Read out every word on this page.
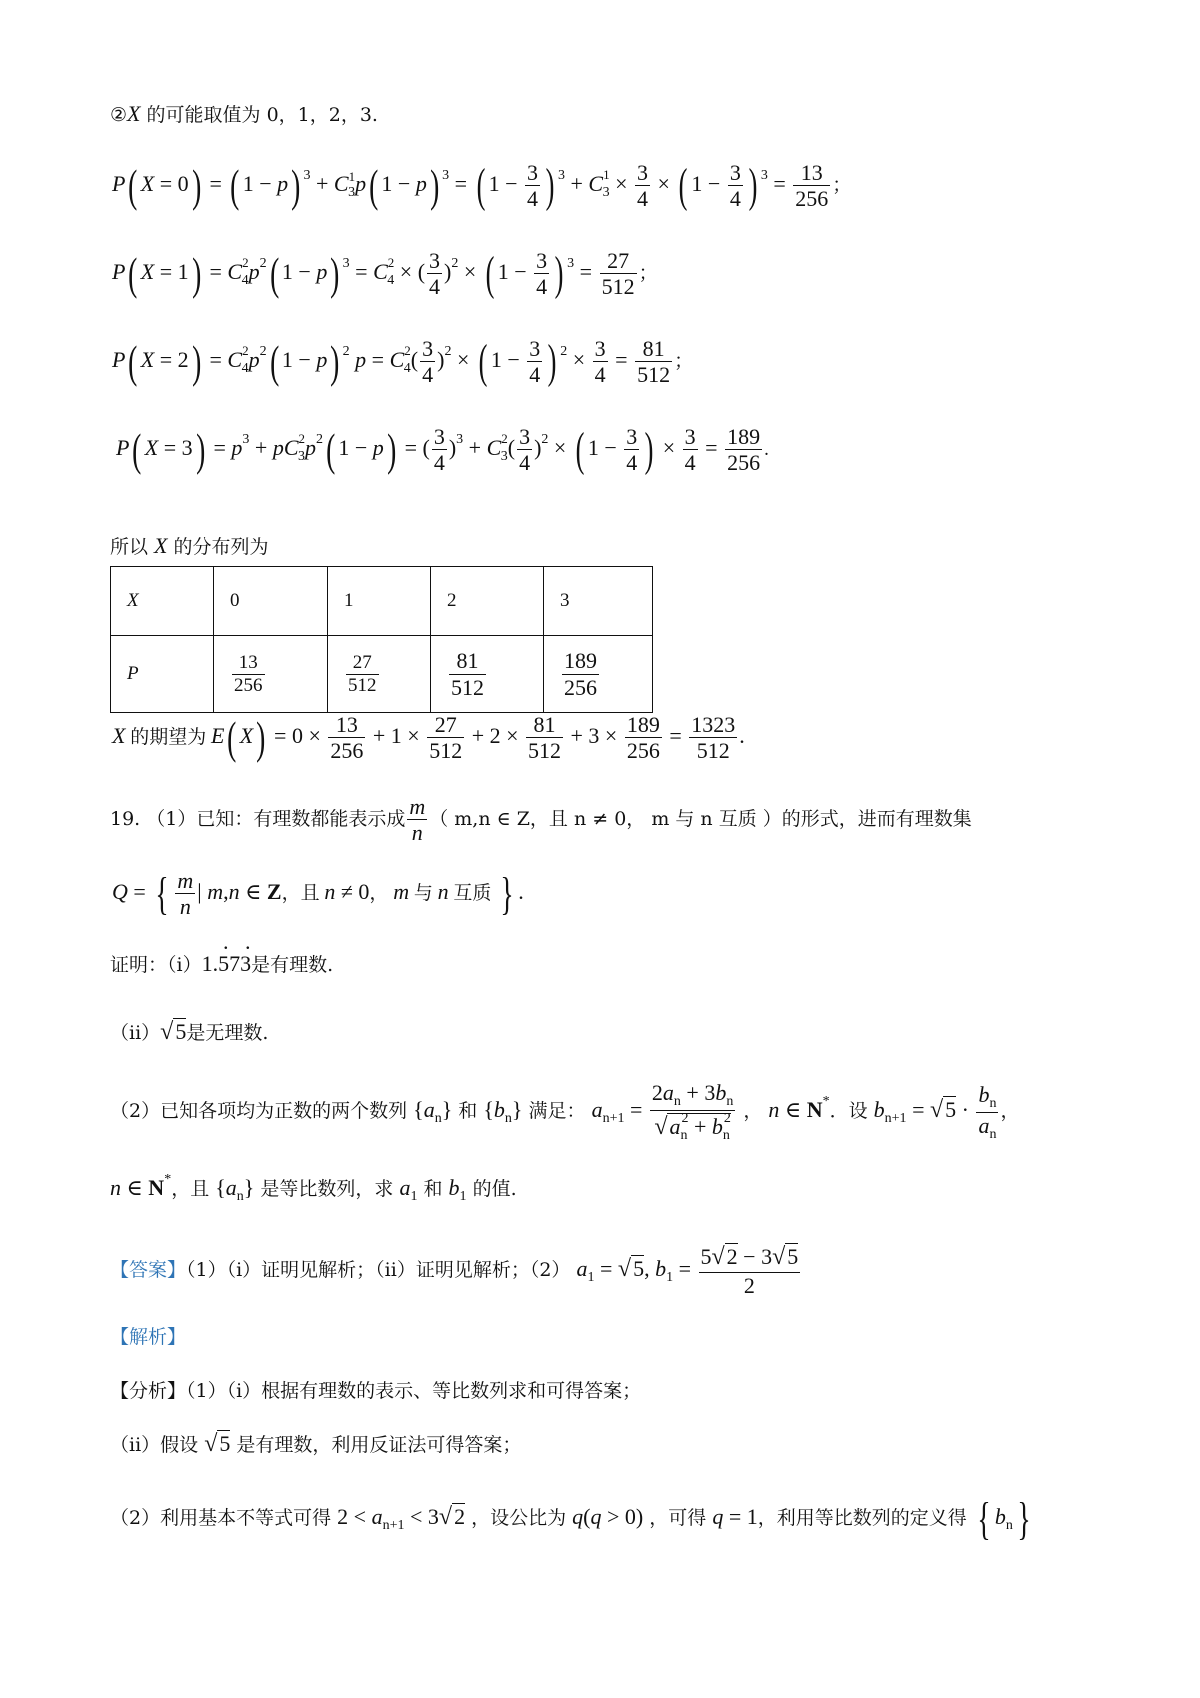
②X 的可能取值为 0，1，2，3.
P( X = 0) = ( 1 − p) $^3 + C^1_3p$( 1 − p) $^3$ = ( $1 - \frac{3}{4}$ ) $^3 + C^1_3 \times \frac{3}{4}$ × ( $1 - \frac{3}{4}$ ) $^3 = \frac{13}{256}$ ；
P( $X = 1) = C^2_4p^2$( 1 − p) $^3 = C^2_4$ × ( $\frac{3}{4} )^2$ × ( $1 - \frac{3}{4}$ ) $^3 = \frac{27}{512}$ ；
P( $X = 2) = C^2_4p^2$( 1 − p) $^2$ $p = C^2_4( \frac{3}{4} )^2$ × ( $1 - \frac{3}{4}$ ) $^2 \times \frac{3}{4} = \frac{81}{512}$ ；
P( $X = 3) = p^3 + pC^2_3p^2$( 1 − p) = ( $\frac{3}{4} )^3 + C^2_3( \frac{3}{4} )^2$ × ( $1 - \frac{3}{4}$ ) × $\frac{3}{4} = \frac{189}{256}$ .
所以 X 的分布列为
X	0	1	2	3
P	$\frac{13}{256}$	$\frac{27}{512}$	$\frac{81}{512}$	$\frac{189}{256}$
X 的期望为 E( $X) = 0 \times \frac{13}{256} + 1 \times \frac{27}{512} + 2 \times \frac{81}{512} + 3 \times \frac{189}{256} = \frac{1323}{512}$ .
19. （1）已知：有理数都能表示成 $\frac{m}{n}$ （ m,n ∈ Z，且 n ≠ 0， m 与 n 互质 ）的形式，进而有理数集
Q = { $\frac{m}{n}$ | m,n ∈ Z，且 n ≠ 0， m 与 n 互质 } .
证明：（i）1.· 57· 3是有理数.
（ii）√5是无理数.
（2）已知各项均为正数的两个数列 $\{a_n\}$ 和 $\{b_n\}$ 满足： $a_{n+1} = \frac{2a_n + 3b_n}{√a_n^2 + b_n^2}$ ， n ∈ N*．设 $b_{n+1} = √5 \cdot \frac{b_n}{a_n}$ ，
n ∈ N*，且 $\{a_n\}$ 是等比数列，求 $a_1$ 和 $b_1$ 的值.
【答案】（1）（i）证明见解析；（ii）证明见解析；（2） $a_1 = √5$, $b_1 = \frac{5√2 - 3√5}{2}$
【解析】
【分析】（1）（i）根据有理数的表示、等比数列求和可得答案；
（ii）假设 √5 是有理数，利用反证法可得答案；
（2）利用基本不等式可得 $2 < a_{n+1} < 3√2$ ，设公比为 q(q > 0) ，可得 q = 1，利用等比数列的定义得 { $b_n$}
